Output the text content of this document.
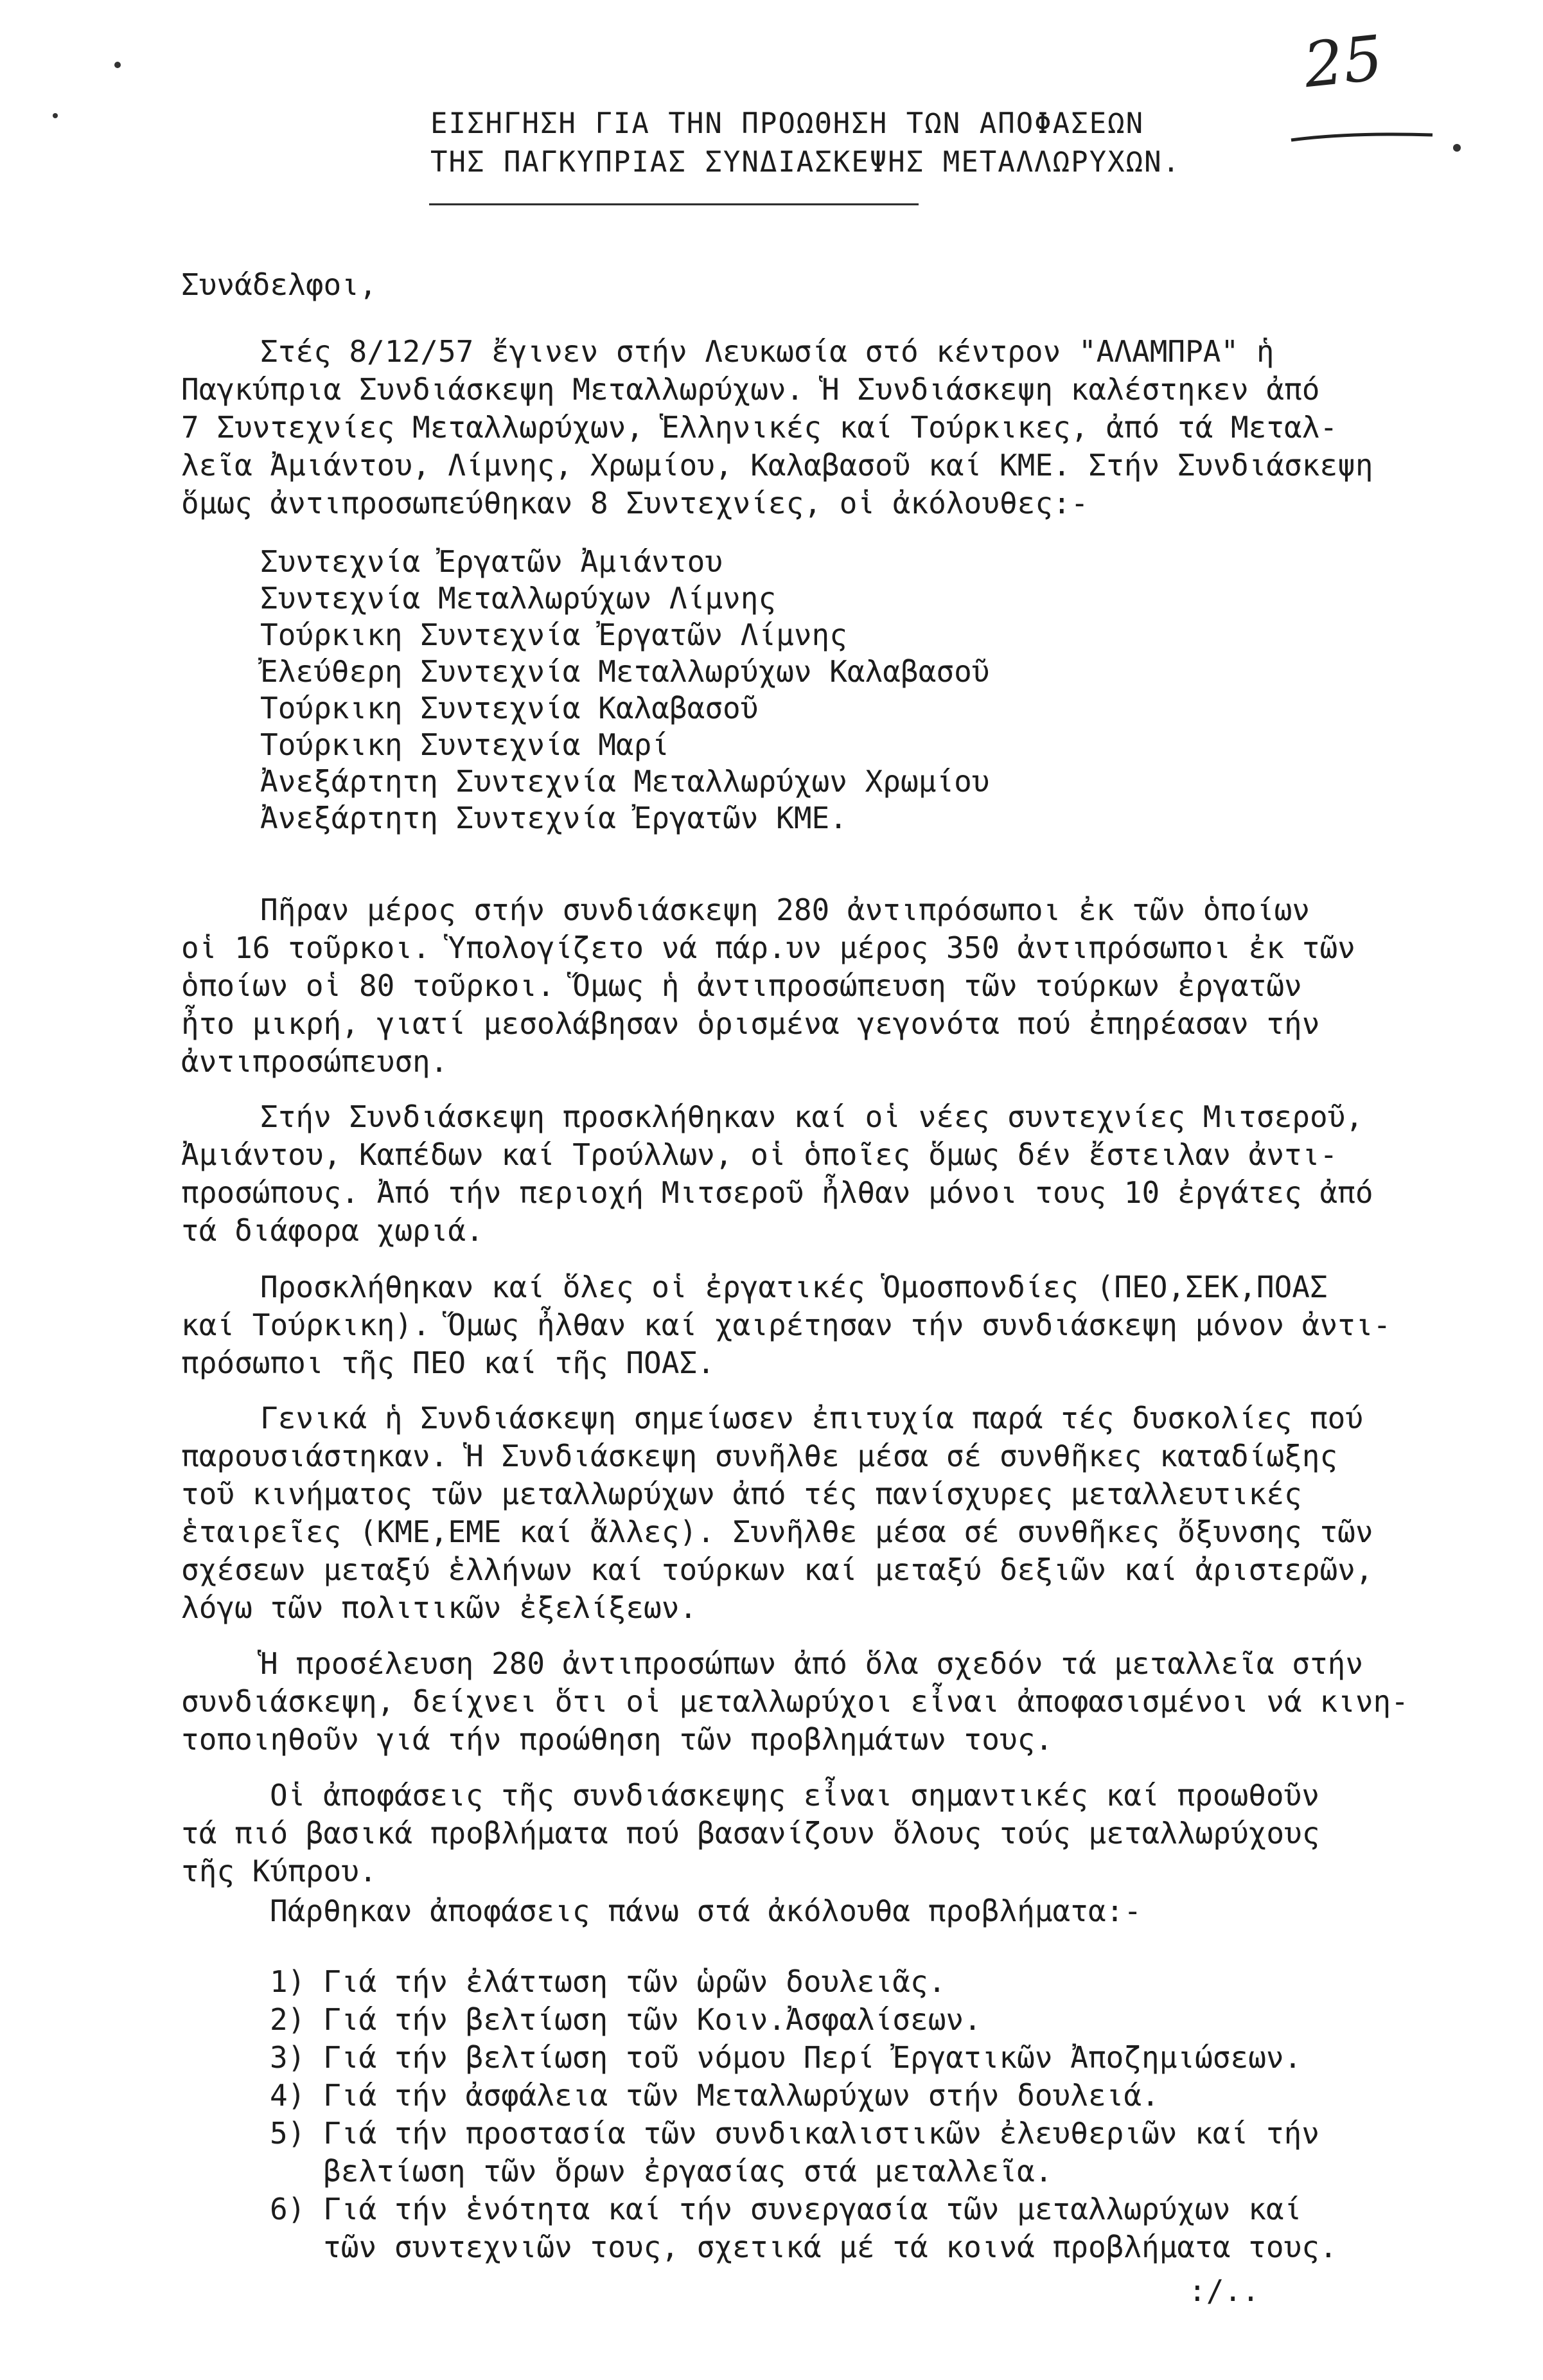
25
ΕΙΣΗΓΗΣΗ ΓΙΑ ΤΗΝ ΠΡΟΩΘΗΣΗ ΤΩΝ ΑΠΟΦΑΣΕΩΝ
ΤΗΣ ΠΑΓΚΥΠΡΙΑΣ ΣΥΝΔΙΑΣΚΕΨΗΣ ΜΕΤΑΛΛΩΡΥΧΩΝ.
Συνάδελφοι,
Στές 8/12/57 ἔγινεν στήν Λευκωσία στό κέντρον "ΑΛΑΜΠΡΑ" ἡ
Παγκύπρια Συνδιάσκεψη Μεταλλωρύχων. Ἡ Συνδιάσκεψη καλέστηκεν ἀπό
7 Συντεχνίες Μεταλλωρύχων, Ἑλληνικές καί Τούρκικες, ἀπό τά Μεταλ-
λεῖα Ἀμιάντου, Λίμνης, Χρωμίου, Καλαβασοῦ καί ΚΜΕ. Στήν Συνδιάσκεψη
ὅμως ἀντιπροσωπεύθηκαν 8 Συντεχνίες, οἱ ἀκόλουθες:-
Συντεχνία Ἐργατῶν Ἀμιάντου
Συντεχνία Μεταλλωρύχων Λίμνης
Τούρκικη Συντεχνία Ἐργατῶν Λίμνης
Ἐλεύθερη Συντεχνία Μεταλλωρύχων Καλαβασοῦ
Τούρκικη Συντεχνία Καλαβασοῦ
Τούρκικη Συντεχνία Μαρί
Ἀνεξάρτητη Συντεχνία Μεταλλωρύχων Χρωμίου
Ἀνεξάρτητη Συντεχνία Ἐργατῶν ΚΜΕ.
Πῆραν μέρος στήν συνδιάσκεψη 280 ἀντιπρόσωποι ἐκ τῶν ὁποίων
οἱ 16 τοῦρκοι. Ὑπολογίζετο νά πάρ.υν μέρος 350 ἀντιπρόσωποι ἐκ τῶν
ὁποίων οἱ 80 τοῦρκοι. Ὅμως ἡ ἀντιπροσώπευση τῶν τούρκων ἐργατῶν
ἦτο μικρή, γιατί μεσολάβησαν ὁρισμένα γεγονότα πού ἐπηρέασαν τήν
ἀντιπροσώπευση.
Στήν Συνδιάσκεψη προσκλήθηκαν καί οἱ νέες συντεχνίες Μιτσεροῦ,
Ἀμιάντου, Καπέδων καί Τρούλλων, οἱ ὁποῖες ὅμως δέν ἔστειλαν ἀντι-
προσώπους. Ἀπό τήν περιοχή Μιτσεροῦ ἦλθαν μόνοι τους 10 ἐργάτες ἀπό
τά διάφορα χωριά.
Προσκλήθηκαν καί ὅλες οἱ ἐργατικές Ὁμοσπονδίες (ΠΕΟ,ΣΕΚ,ΠΟΑΣ
καί Τούρκικη). Ὅμως ἦλθαν καί χαιρέτησαν τήν συνδιάσκεψη μόνον ἀντι-
πρόσωποι τῆς ΠΕΟ καί τῆς ΠΟΑΣ.
Γενικά ἡ Συνδιάσκεψη σημείωσεν ἐπιτυχία παρά τές δυσκολίες πού
παρουσιάστηκαν. Ἡ Συνδιάσκεψη συνῆλθε μέσα σέ συνθῆκες καταδίωξης
τοῦ κινήματος τῶν μεταλλωρύχων ἀπό τές πανίσχυρες μεταλλευτικές
ἑταιρεῖες (ΚΜΕ,ΕΜΕ καί ἄλλες). Συνῆλθε μέσα σέ συνθῆκες ὄξυνσης τῶν
σχέσεων μεταξύ ἑλλήνων καί τούρκων καί μεταξύ δεξιῶν καί ἀριστερῶν,
λόγω τῶν πολιτικῶν ἐξελίξεων.
Ἡ προσέλευση 280 ἀντιπροσώπων ἀπό ὅλα σχεδόν τά μεταλλεῖα στήν
συνδιάσκεψη, δείχνει ὅτι οἱ μεταλλωρύχοι εἶναι ἀποφασισμένοι νά κινη-
τοποιηθοῦν γιά τήν προώθηση τῶν προβλημάτων τους.
Οἱ ἀποφάσεις τῆς συνδιάσκεψης εἶναι σημαντικές καί προωθοῦν
τά πιό βασικά προβλήματα πού βασανίζουν ὅλους τούς μεταλλωρύχους
τῆς Κύπρου.
Πάρθηκαν ἀποφάσεις πάνω στά ἀκόλουθα προβλήματα:-
1) Γιά τήν ἐλάττωση τῶν ὡρῶν δουλειᾶς.
2) Γιά τήν βελτίωση τῶν Κοιν.Ἀσφαλίσεων.
3) Γιά τήν βελτίωση τοῦ νόμου Περί Ἐργατικῶν Ἀποζημιώσεων.
4) Γιά τήν ἀσφάλεια τῶν Μεταλλωρύχων στήν δουλειά.
5) Γιά τήν προστασία τῶν συνδικαλιστικῶν ἐλευθεριῶν καί τήν
βελτίωση τῶν ὅρων ἐργασίας στά μεταλλεῖα.
6) Γιά τήν ἑνότητα καί τήν συνεργασία τῶν μεταλλωρύχων καί
τῶν συντεχνιῶν τους, σχετικά μέ τά κοινά προβλήματα τους.
:/..
